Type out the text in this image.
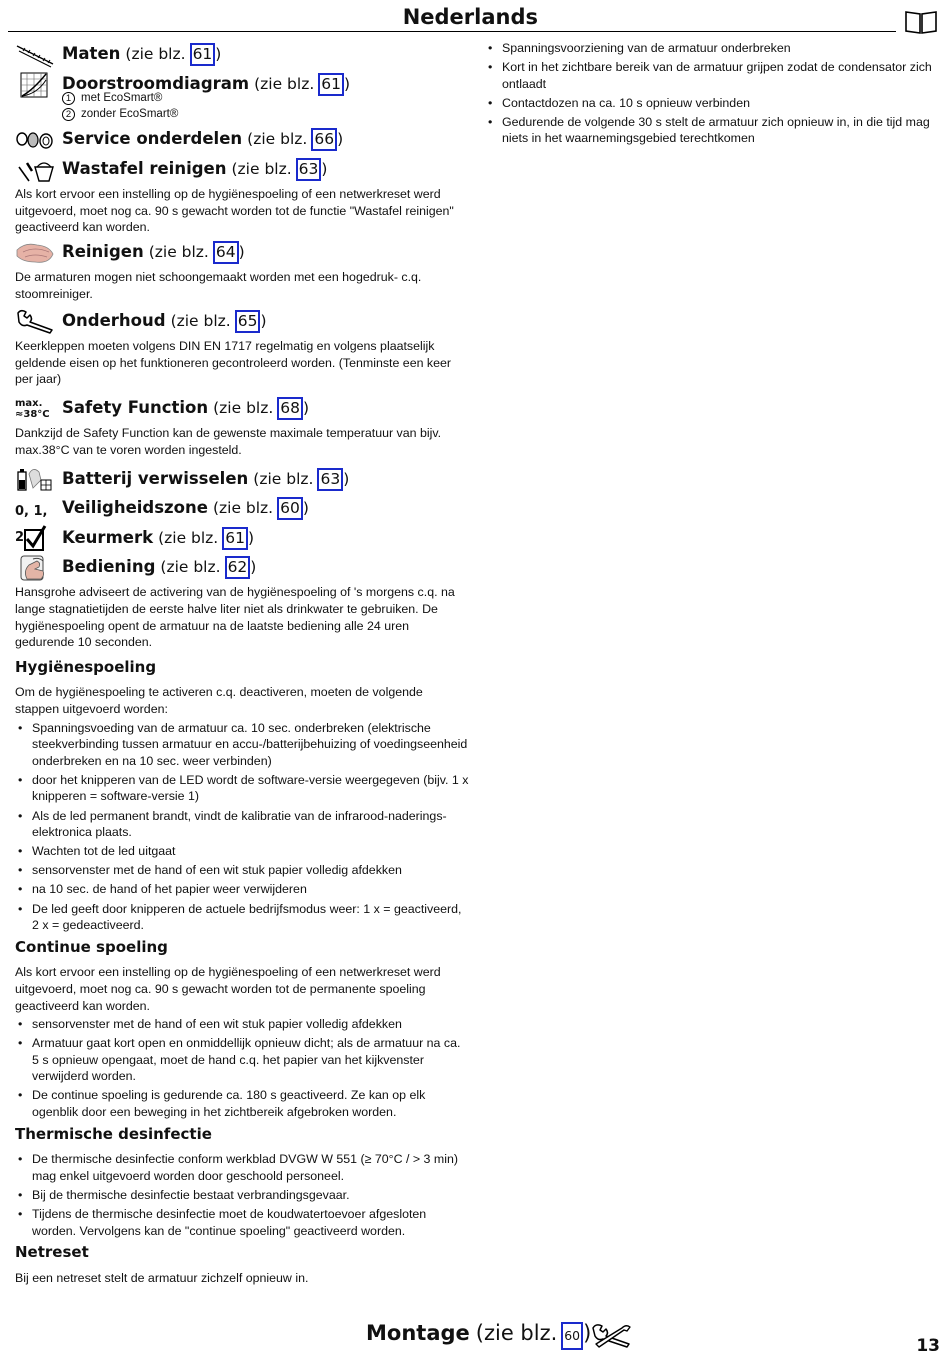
Nederlands
Maten (zie blz. 61 )
Doorstroomdiagram (zie blz. 61 )
1 met EcoSmart®
2 zonder EcoSmart®
Service onderdelen (zie blz. 66 )
Wastafel reinigen (zie blz. 63 )

Als kort ervoor een instelling op de hygiënespoeling of een netwerkreset werd uitgevoerd, moet nog ca. 90 s gewacht worden tot de functie "Wastafel reinigen" geactiveerd kan worden.

Reinigen (zie blz. 64 )

De armaturen mogen niet schoongemaakt worden met een hogedruk- c.q. stoomreiniger.

Onderhoud (zie blz. 65 )

Keerkleppen moeten volgens DIN EN 1717 regelmatig en volgens plaatselijk geldende eisen op het funktioneren gecontroleerd worden. (Tenminste een keer per jaar)

max.
≈38°C Safety Function (zie blz. 68 )

Dankzijd de Safety Function kan de gewenste maximale temperatuur van bijv. max.38°C van te voren worden ingesteld.

Batterij verwisselen (zie blz. 63 )
0, 1, 2
Veiligheidszone (zie blz. 60 )
Keurmerk (zie blz. 61 )
Bediening (zie blz. 62 )

Hansgrohe adviseert de activering van de hygiënespoeling of 's morgens c.q. na lange stagnatietijden de eerste halve liter niet als drinkwater te gebruiken. De hygiënespoeling opent de armatuur na de laatste bediening alle 24 uren gedurende 10 seconden.

Hygiënespoeling

Om de hygiënespoeling te activeren c.q. deactiveren, moeten de volgende stappen uitgevoerd worden:

• Spanningsvoeding van de armatuur ca. 10 sec. onderbreken (elektrische steekverbinding tussen armatuur en accu-/batterijbehuizing of voedingseenheid onderbreken en na 10 sec. weer verbinden)
• door het knipperen van de LED wordt de software-versie weergegeven (bijv. 1 x knipperen = software-versie 1)
• Als de led permanent brandt, vindt de kalibratie van de infrarood-naderings-elektronica plaats.
• Wachten tot de led uitgaat
• sensorvenster met de hand of een wit stuk papier volledig afdekken
• na 10 sec. de hand of het papier weer verwijderen
• De led geeft door knipperen de actuele bedrijfsmodus weer: 1 x = geactiveerd, 2 x = gedeactiveerd.
Continue spoeling

Als kort ervoor een instelling op de hygiënespoeling of een netwerkreset werd uitgevoerd, moet nog ca. 90 s gewacht worden tot de permanente spoeling geactiveerd kan worden.

• sensorvenster met de hand of een wit stuk papier volledig afdekken
• Armatuur gaat kort open en onmiddellijk opnieuw dicht; als de armatuur na ca. 5 s opnieuw opengaat, moet de hand c.q. het papier van het kijkvenster verwijderd worden.
• De continue spoeling is gedurende ca. 180 s geactiveerd. Ze kan op elk ogenblik door een beweging in het zichtbereik afgebroken worden.
Thermische desinfectie
• De thermische desinfectie conform werkblad DVGW W 551 (≥ 70°C / > 3 min) mag enkel uitgevoerd worden door geschoold personeel.
• Bij de thermische desinfectie bestaat verbrandingsgevaar.
• Tijdens de thermische desinfectie moet de koudwatertoevoer afgesloten worden. Vervolgens kan de "continue spoeling" geactiveerd worden.
Netreset

Bij een netreset stelt de armatuur zichzelf opnieuw in.

• Spanningsvoorziening van de armatuur onderbreken
• Kort in het zichtbare bereik van de armatuur grijpen zodat de condensator zich ontlaadt
• Contactdozen na ca. 10 s opnieuw verbinden
• Gedurende de volgende 30 s stelt de armatuur zich opnieuw in, in die tijd mag niets in het waarnemingsgebied terechtkomen
Montage (zie blz. 60 )
13
